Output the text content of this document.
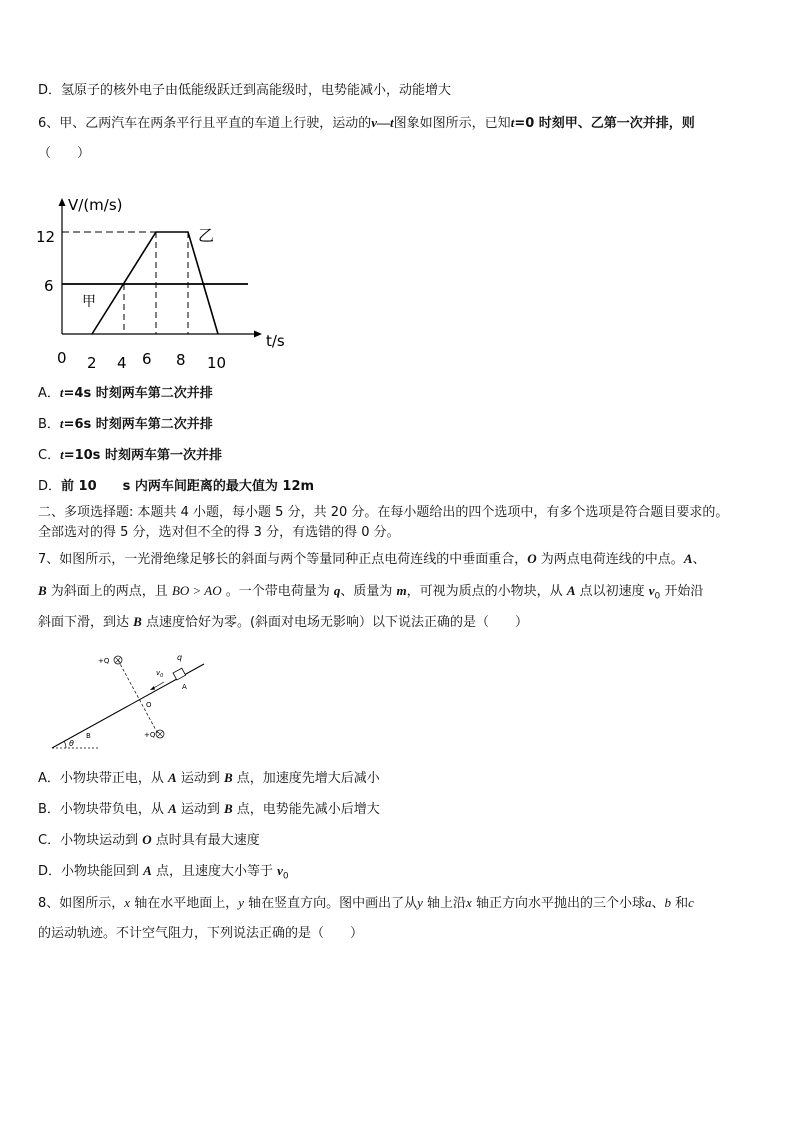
D．氢原子的核外电子由低能级跃迁到高能级时，电势能减小，动能增大
6、甲、乙两汽车在两条平行且平直的车道上行驶，运动的v—t图象如图所示，已知t=0 时刻甲、乙第一次并排，则
（　　）
12
6
0 2 4 6 8 10
V/(m/s)
t/s
甲
乙
A．t=4s 时刻两车第二次并排
B．t=6s 时刻两车第二次并排
C．t=10s 时刻两车第一次并排
D．前 10　　s 内两车间距离的最大值为 12m
二、多项选择题: 本题共 4 小题，每小题 5 分，共 20 分。在每小题给出的四个选项中，有多个选项是符合题目要求的。
全部选对的得 5 分，选对但不全的得 3 分，有选错的得 0 分。
7、如图所示，一光滑绝缘足够长的斜面与两个等量同种正点电荷连线的中垂面重合，O 为两点电荷连线的中点。A、
B 为斜面上的两点，且 BO > AO 。一个带电荷量为 q、质量为 m，可视为质点的小物块，从 A 点以初速度 $v_0$ 开始沿
斜面下滑，到达 B 点速度恰好为零。(斜面对电场无影响）以下说法正确的是（　　）
+Q
+Q
q
$v_0$
A
O
B
θ
A．小物块带正电，从 A 运动到 B 点，加速度先增大后减小
B．小物块带负电，从 A 运动到 B 点，电势能先减小后增大
C．小物块运动到 O 点时具有最大速度
D．小物块能回到 A 点，且速度大小等于 $v_0$
8、如图所示，x 轴在水平地面上，y 轴在竖直方向。图中画出了从y 轴上沿x 轴正方向水平抛出的三个小球a、b 和c
的运动轨迹。不计空气阻力，下列说法正确的是（　　）
